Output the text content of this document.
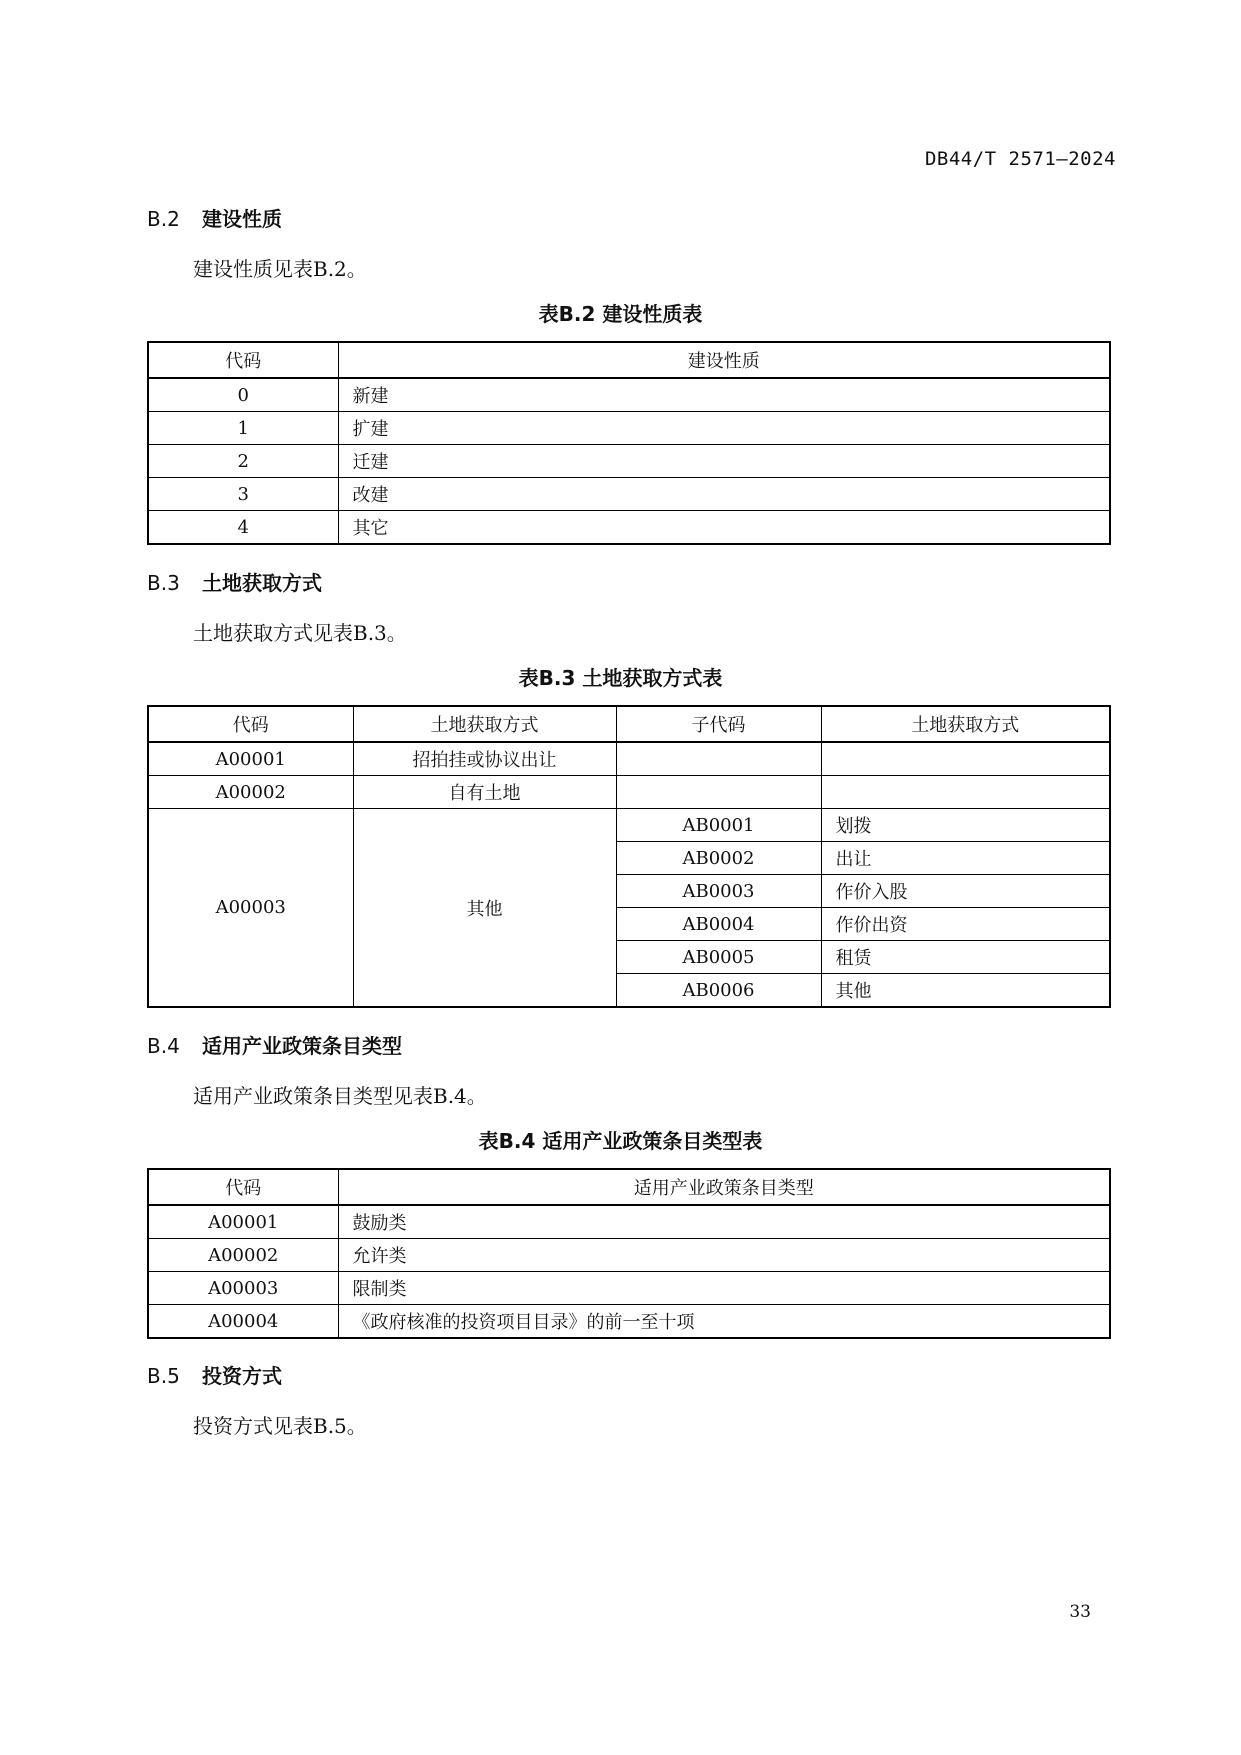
DB44/T 2571—2024
B.2 建设性质
建设性质见表B.2。
表B.2 建设性质表
代码	建设性质
0	新建
1	扩建
2	迁建
3	改建
4	其它
B.3 土地获取方式
土地获取方式见表B.3。
表B.3 土地获取方式表
代码	土地获取方式	子代码	土地获取方式
A00001	招拍挂或协议出让		
A00002	自有土地		
A00003	其他	AB0001	划拨
		AB0002	出让
		AB0003	作价入股
		AB0004	作价出资
		AB0005	租赁
		AB0006	其他
B.4 适用产业政策条目类型
适用产业政策条目类型见表B.4。
表B.4 适用产业政策条目类型表
代码	适用产业政策条目类型
A00001	鼓励类
A00002	允许类
A00003	限制类
A00004	《政府核准的投资项目目录》的前一至十项
B.5 投资方式
投资方式见表B.5。
33
